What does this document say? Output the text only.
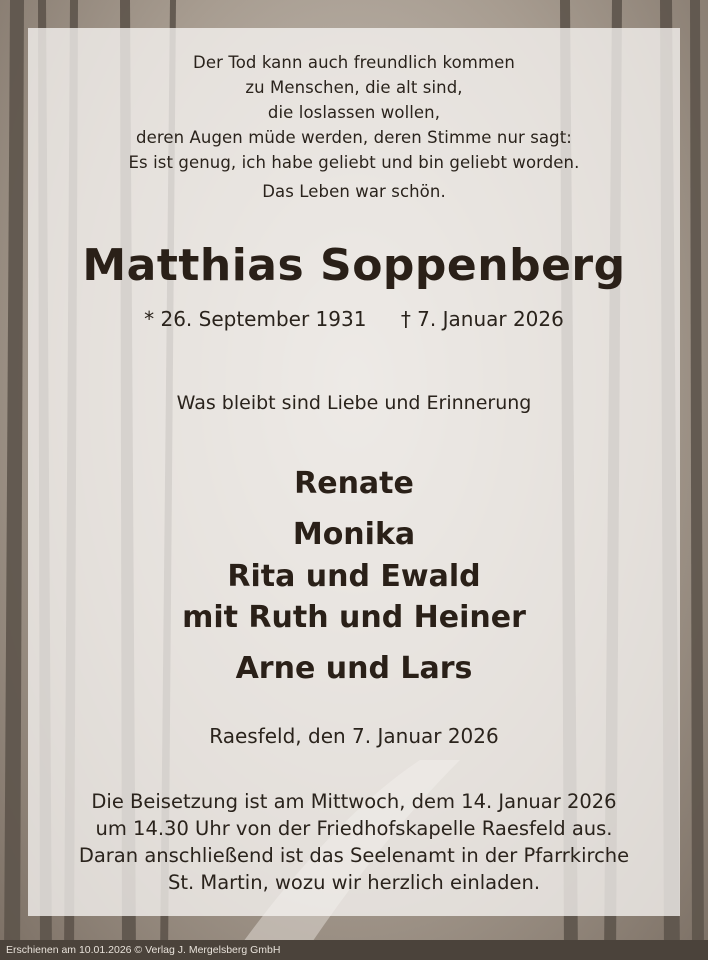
Der Tod kann auch freundlich kommen
zu Menschen, die alt sind,
die loslassen wollen,
deren Augen müde werden, deren Stimme nur sagt:
Es ist genug, ich habe geliebt und bin geliebt worden.
Das Leben war schön.
Matthias Soppenberg
* 26. September 1931 † 7. Januar 2026
Was bleibt sind Liebe und Erinnerung
Renate
Monika
Rita und Ewald
mit Ruth und Heiner
Arne und Lars
Raesfeld, den 7. Januar 2026
Die Beisetzung ist am Mittwoch, dem 14. Januar 2026
um 14.30 Uhr von der Friedhofskapelle Raesfeld aus.
Daran anschließend ist das Seelenamt in der Pfarrkirche
St. Martin, wozu wir herzlich einladen.
Erschienen am 10.01.2026 © Verlag J. Mergelsberg GmbH
